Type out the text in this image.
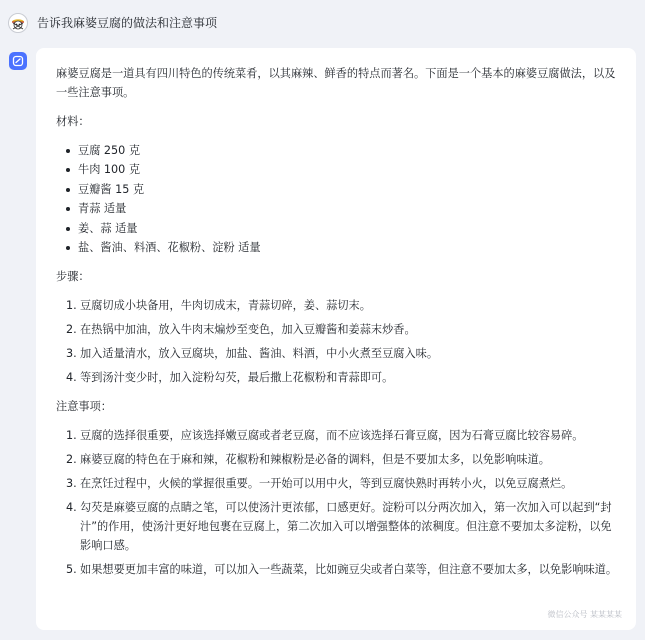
告诉我麻婆豆腐的做法和注意事项

麻婆豆腐是一道具有四川特色的传统菜肴，以其麻辣、鲜香的特点而著名。下面是一个基本的麻婆豆腐做法，以及一些注意事项。

材料：
豆腐 250 克
牛肉 100 克
豆瓣酱 15 克
青蒜 适量
姜、蒜 适量
盐、酱油、料酒、花椒粉、淀粉 适量
步骤：
1. 豆腐切成小块备用，牛肉切成末，青蒜切碎，姜、蒜切末。
2. 在热锅中加油，放入牛肉末煸炒至变色，加入豆瓣酱和姜蒜末炒香。
3. 加入适量清水，放入豆腐块，加盐、酱油、料酒，中小火煮至豆腐入味。
4. 等到汤汁变少时，加入淀粉勾芡，最后撒上花椒粉和青蒜即可。
注意事项：
1. 豆腐的选择很重要，应该选择嫩豆腐或者老豆腐，而不应该选择石膏豆腐，因为石膏豆腐比较容易碎。
2. 麻婆豆腐的特色在于麻和辣，花椒粉和辣椒粉是必备的调料，但是不要加太多，以免影响味道。
3. 在烹饪过程中，火候的掌握很重要。一开始可以用中火，等到豆腐快熟时再转小火，以免豆腐煮烂。
4. 勾芡是麻婆豆腐的点睛之笔，可以使汤汁更浓郁，口感更好。淀粉可以分两次加入，第一次加入可以起到“封汁”的作用，使汤汁更好地包裹在豆腐上，第二次加入可以增强整体的浓稠度。但注意不要加太多淀粉，以免影响口感。
5. 如果想要更加丰富的味道，可以加入一些蔬菜，比如豌豆尖或者白菜等，但注意不要加太多，以免影响味道。
微信公众号 某某某某
